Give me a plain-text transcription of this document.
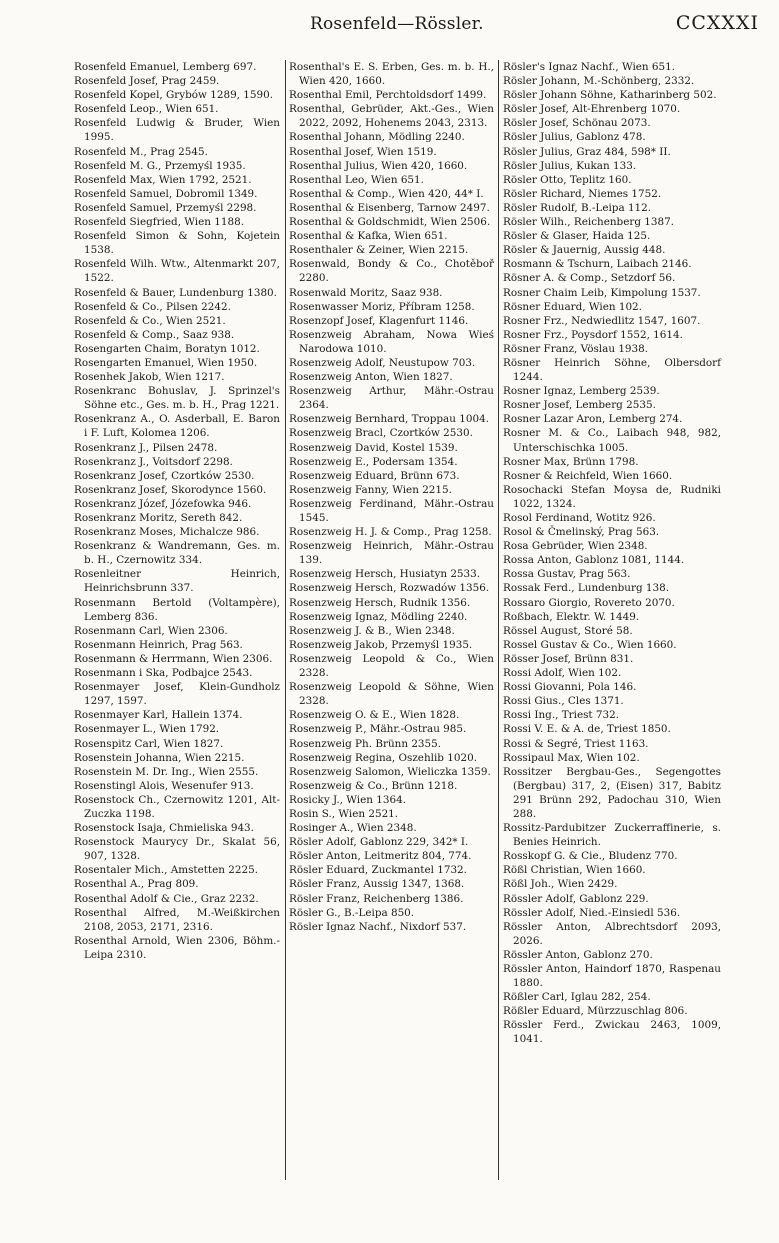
Rosenfeld—Rössler.	CCXXXI
Rosenfeld Emanuel, Lemberg 697.
Rosenfeld Josef, Prag 2459.
Rosenfeld Kopel, Grybów 1289, 1590.
Rosenfeld Leop., Wien 651.
Rosenfeld Ludwig & Bruder, Wien 1995.
Rosenfeld M., Prag 2545.
Rosenfeld M. G., Przemyśl 1935.
Rosenfeld Max, Wien 1792, 2521.
Rosenfeld Samuel, Dobromil 1349.
Rosenfeld Samuel, Przemyśl 2298.
Rosenfeld Siegfried, Wien 1188.
Rosenfeld Simon & Sohn, Kojetein 1538.
Rosenfeld Wilh. Wtw., Altenmarkt 207, 1522.
Rosenfeld & Bauer, Lundenburg 1380.
Rosenfeld & Co., Pilsen 2242.
Rosenfeld & Co., Wien 2521.
Rosenfeld & Comp., Saaz 938.
Rosengarten Chaim, Boratyn 1012.
Rosengarten Emanuel, Wien 1950.
Rosenhek Jakob, Wien 1217.
Rosenkranc Bohuslav, J. Sprinzel's Söhne etc., Ges. m. b. H., Prag 1221.
Rosenkranz A., O. Asderball, E. Baron i F. Luft, Kolomea 1206.
Rosenkranz J., Pilsen 2478.
Rosenkranz J., Voitsdorf 2298.
Rosenkranz Josef, Czortków 2530.
Rosenkranz Josef, Skorodynce 1560.
Rosenkranz Józef, Józefowka 946.
Rosenkranz Moritz, Sereth 842.
Rosenkranz Moses, Michalcze 986.
Rosenkranz & Wandremann, Ges. m. b. H., Czernowitz 334.
Rosenleitner Heinrich, Heinrichsbrunn 337.
Rosenmann Bertold (Voltampère), Lemberg 836.
Rosenmann Carl, Wien 2306.
Rosenmann Heinrich, Prag 563.
Rosenmann & Herrmann, Wien 2306.
Rosenmann i Ska, Podbajce 2543.
Rosenmayer Josef, Klein-Gundholz 1297, 1597.
Rosenmayer Karl, Hallein 1374.
Rosenmayer L., Wien 1792.
Rosenspitz Carl, Wien 1827.
Rosenstein Johanna, Wien 2215.
Rosenstein M. Dr. Ing., Wien 2555.
Rosenstingl Alois, Wesenufer 913.
Rosenstock Ch., Czernowitz 1201, Alt-Zuczka 1198.
Rosenstock Isaja, Chmieliska 943.
Rosenstock Maurycy Dr., Skalat 56, 907, 1328.
Rosentaler Mich., Amstetten 2225.
Rosenthal A., Prag 809.
Rosenthal Adolf & Cie., Graz 2232.
Rosenthal Alfred, M.-Weißkirchen 2108, 2053, 2171, 2316.
Rosenthal Arnold, Wien 2306, Böhm.-Leipa 2310.
Rosenthal's E. S. Erben, Ges. m. b. H., Wien 420, 1660.
Rosenthal Emil, Perchtoldsdorf 1499.
Rosenthal, Gebrüder, Akt.-Ges., Wien 2022, 2092, Hohenems 2043, 2313.
Rosenthal Johann, Mödling 2240.
Rosenthal Josef, Wien 1519.
Rosenthal Julius, Wien 420, 1660.
Rosenthal Leo, Wien 651.
Rosenthal & Comp., Wien 420, 44* I.
Rosenthal & Eisenberg, Tarnow 2497.
Rosenthal & Goldschmidt, Wien 2506.
Rosenthal & Kafka, Wien 651.
Rosenthaler & Zeiner, Wien 2215.
Rosenwald, Bondy & Co., Chotěboř 2280.
Rosenwald Moritz, Saaz 938.
Rosenwasser Moriz, Příbram 1258.
Rosenzopf Josef, Klagenfurt 1146.
Rosenzweig Abraham, Nowa Wieś Narodowa 1010.
Rosenzweig Adolf, Neustupow 703.
Rosenzweig Anton, Wien 1827.
Rosenzweig Arthur, Mähr.-Ostrau 2364.
Rosenzweig Bernhard, Troppau 1004.
Rosenzweig Bracl, Czortków 2530.
Rosenzweig David, Kostel 1539.
Rosenzweig E., Podersam 1354.
Rosenzweig Eduard, Brünn 673.
Rosenzweig Fanny, Wien 2215.
Rosenzweig Ferdinand, Mähr.-Ostrau 1545.
Rosenzweig H. J. & Comp., Prag 1258.
Rosenzweig Heinrich, Mähr.-Ostrau 139.
Rosenzweig Hersch, Husiatyn 2533.
Rosenzweig Hersch, Rozwadów 1356.
Rosenzweig Hersch, Rudnik 1356.
Rosenzweig Ignaz, Mödling 2240.
Rosenzweig J. & B., Wien 2348.
Rosenzweig Jakob, Przemyśl 1935.
Rosenzweig Leopold & Co., Wien 2328.
Rosenzweig Leopold & Söhne, Wien 2328.
Rosenzweig O. & E., Wien 1828.
Rosenzweig P., Mähr.-Ostrau 985.
Rosenzweig Ph. Brünn 2355.
Rosenzweig Regina, Oszehlib 1020.
Rosenzweig Salomon, Wieliczka 1359.
Rosenzweig & Co., Brünn 1218.
Rosicky J., Wien 1364.
Rosin S., Wien 2521.
Rosinger A., Wien 2348.
Rösler Adolf, Gablonz 229, 342* I.
Rösler Anton, Leitmeritz 804, 774.
Rösler Eduard, Zuckmantel 1732.
Rösler Franz, Aussig 1347, 1368.
Rösler Franz, Reichenberg 1386.
Rösler G., B.-Leipa 850.
Rösler Ignaz Nachf., Nixdorf 537.
Rösler's Ignaz Nachf., Wien 651.
Rösler Johann, M.-Schönberg, 2332.
Rösler Johann Söhne, Katharinberg 502.
Rösler Josef, Alt-Ehrenberg 1070.
Rösler Josef, Schönau 2073.
Rösler Julius, Gablonz 478.
Rösler Julius, Graz 484, 598* II.
Rösler Julius, Kukan 133.
Rösler Otto, Teplitz 160.
Rösler Richard, Niemes 1752.
Rösler Rudolf, B.-Leipa 112.
Rösler Wilh., Reichenberg 1387.
Rösler & Glaser, Haida 125.
Rösler & Jauernig, Aussig 448.
Rosmann & Tschurn, Laibach 2146.
Rösner A. & Comp., Setzdorf 56.
Rosner Chaim Leib, Kimpolung 1537.
Rösner Eduard, Wien 102.
Rosner Frz., Nedwiedlitz 1547, 1607.
Rosner Frz., Poysdorf 1552, 1614.
Rösner Franz, Vöslau 1938.
Rösner Heinrich Söhne, Olbersdorf 1244.
Rosner Ignaz, Lemberg 2539.
Rosner Josef, Lemberg 2535.
Rosner Lazar Aron, Lemberg 274.
Rosner M. & Co., Laibach 948, 982, Unterschischka 1005.
Rosner Max, Brünn 1798.
Rosner & Reichfeld, Wien 1660.
Rosochacki Stefan Moysa de, Rudniki 1022, 1324.
Rosol Ferdinand, Wotitz 926.
Rosol & Čmelinský, Prag 563.
Rosa Gebrüder, Wien 2348.
Rossa Anton, Gablonz 1081, 1144.
Rossa Gustav, Prag 563.
Rossak Ferd., Lundenburg 138.
Rossaro Giorgio, Rovereto 2070.
Roßbach, Elektr. W. 1449.
Rössel August, Storé 58.
Rossel Gustav & Co., Wien 1660.
Rösser Josef, Brünn 831.
Rossi Adolf, Wien 102.
Rossi Giovanni, Pola 146.
Rossi Gius., Cles 1371.
Rossi Ing., Triest 732.
Rossi V. E. & A. de, Triest 1850.
Rossi & Segré, Triest 1163.
Rossipaul Max, Wien 102.
Rossitzer Bergbau-Ges., Segengottes (Bergbau) 317, 2, (Eisen) 317, Babitz 291 Brünn 292, Padochau 310, Wien 288.
Rossitz-Pardubitzer Zuckerraffinerie, s. Benies Heinrich.
Rosskopf G. & Cie., Bludenz 770.
Rößl Christian, Wien 1660.
Rößl Joh., Wien 2429.
Rössler Adolf, Gablonz 229.
Rössler Adolf, Nied.-Einsiedl 536.
Rössler Anton, Albrechtsdorf 2093, 2026.
Rössler Anton, Gablonz 270.
Rössler Anton, Haindorf 1870, Raspenau 1880.
Rößler Carl, Iglau 282, 254.
Rößler Eduard, Mürzzuschlag 806.
Rössler Ferd., Zwickau 2463, 1009, 1041.
